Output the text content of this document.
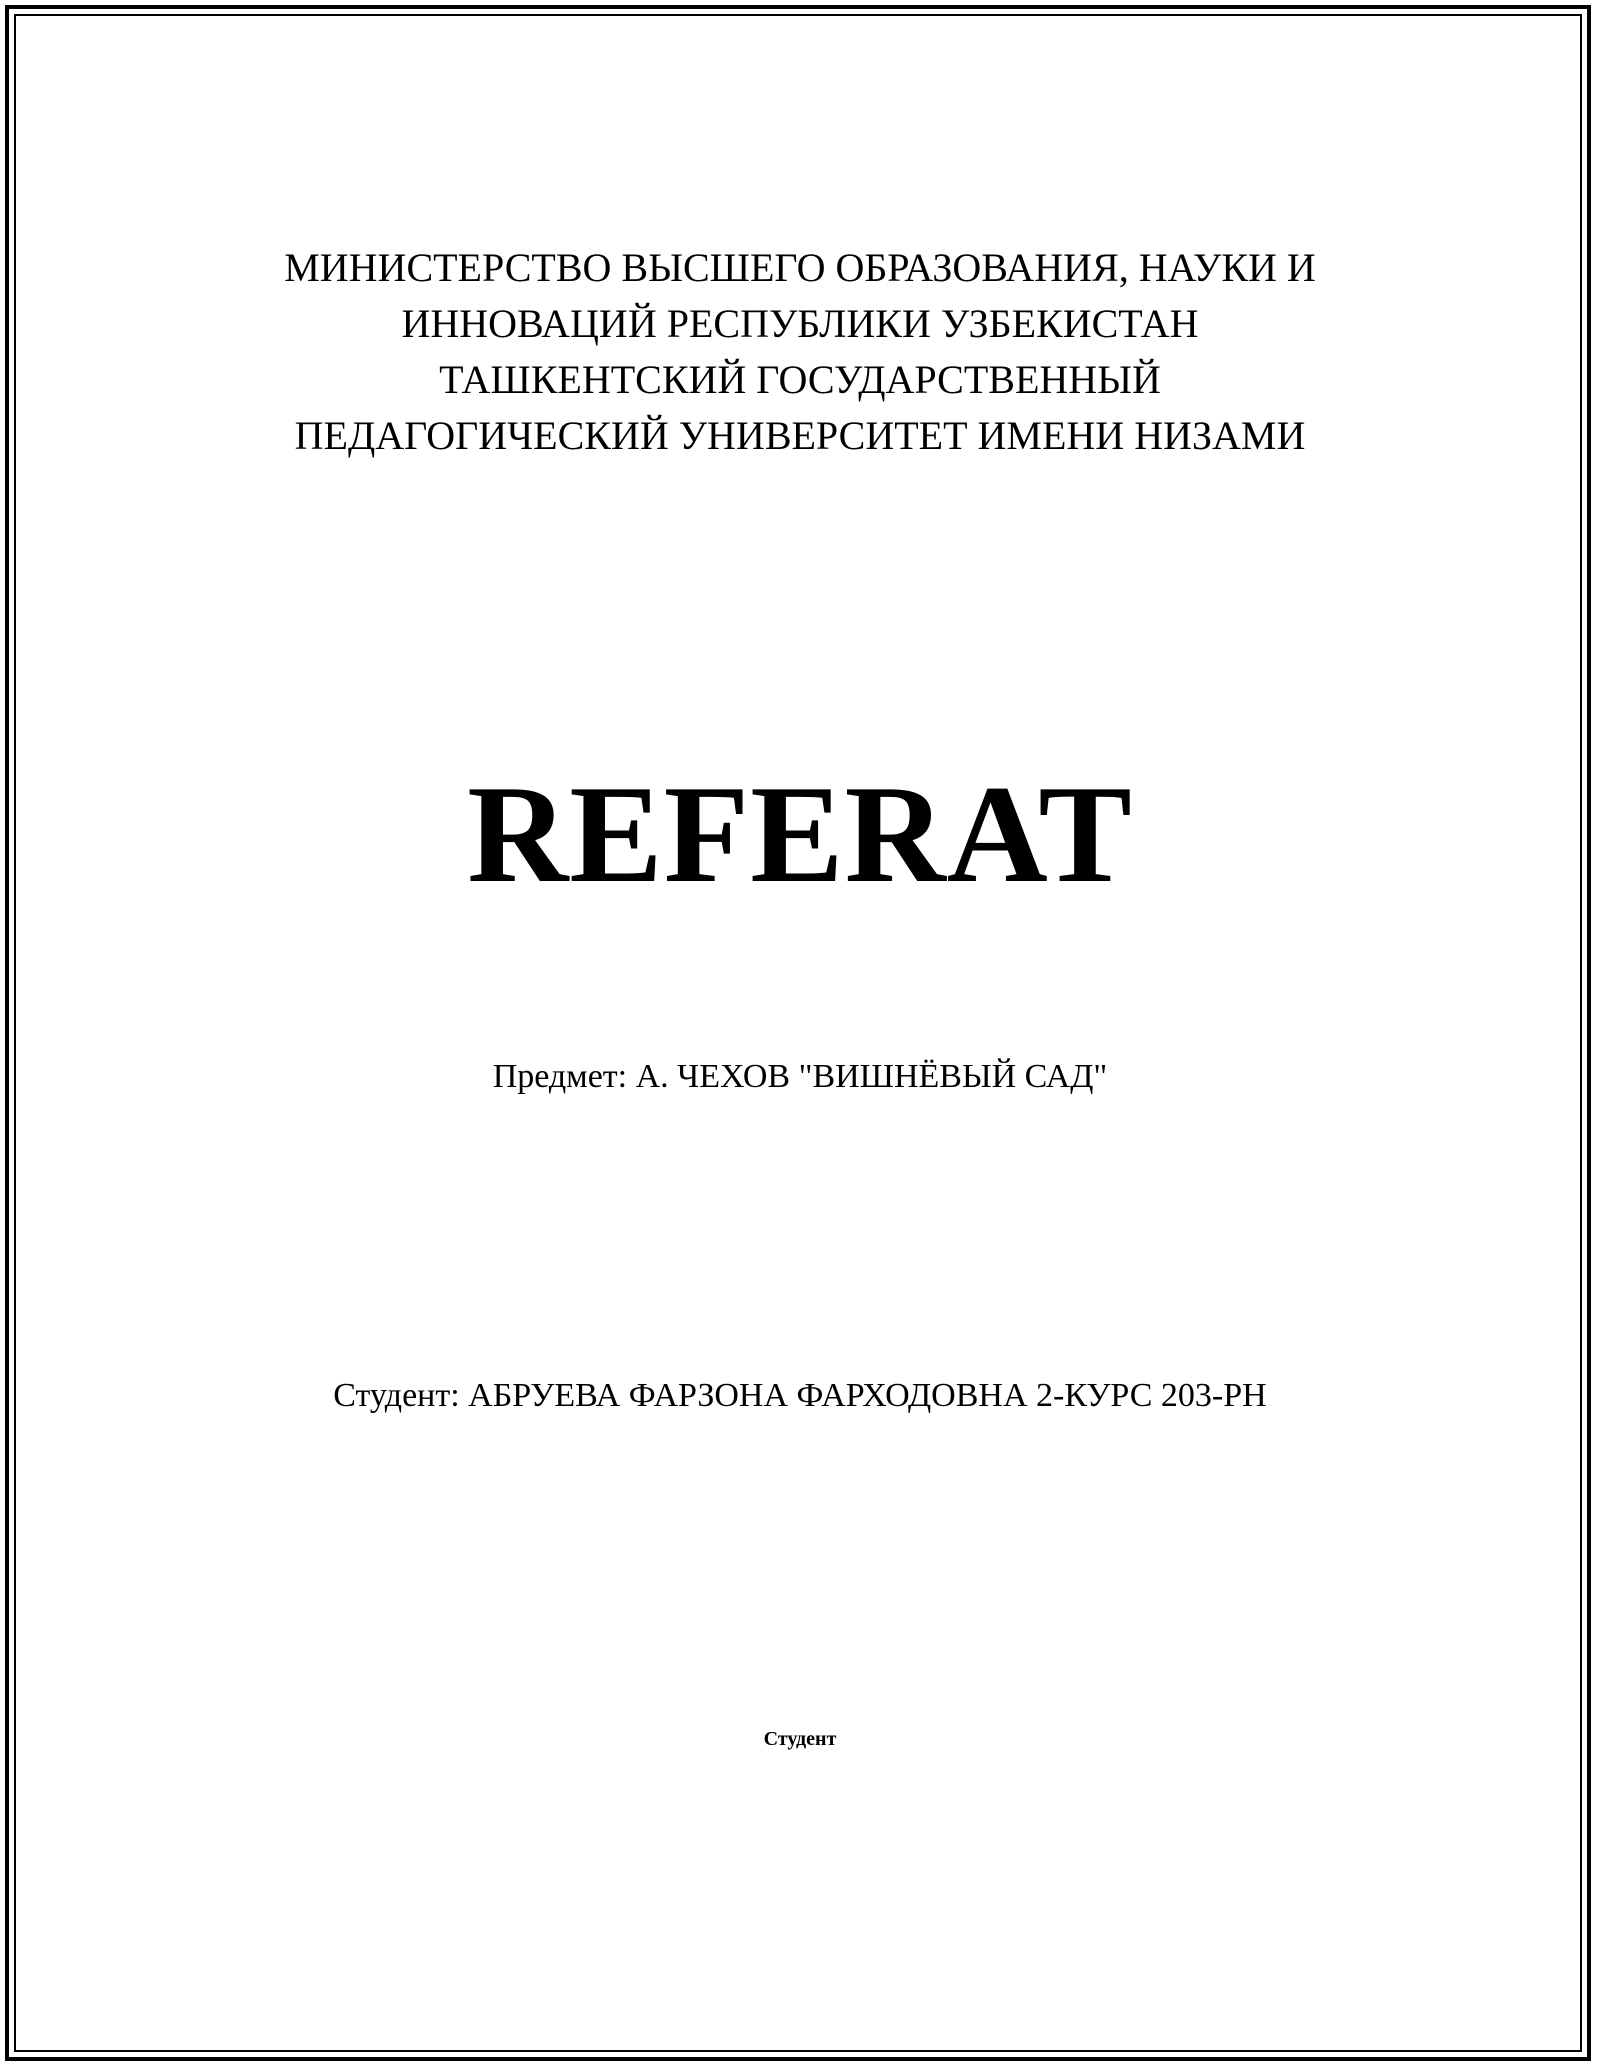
МИНИСТЕРСТВО ВЫСШЕГО ОБРАЗОВАНИЯ, НАУКИ И
ИННОВАЦИЙ РЕСПУБЛИКИ УЗБЕКИСТАН
ТАШКЕНТСКИЙ ГОСУДАРСТВЕННЫЙ
ПЕДАГОГИЧЕСКИЙ УНИВЕРСИТЕТ ИМЕНИ НИЗАМИ
REFERAT
Предмет: А. ЧЕХОВ "ВИШНЁВЫЙ САД"
Студент: АБРУЕВА ФАРЗОНА ФАРХОДОВНА 2-КУРС 203-РН
Студент
